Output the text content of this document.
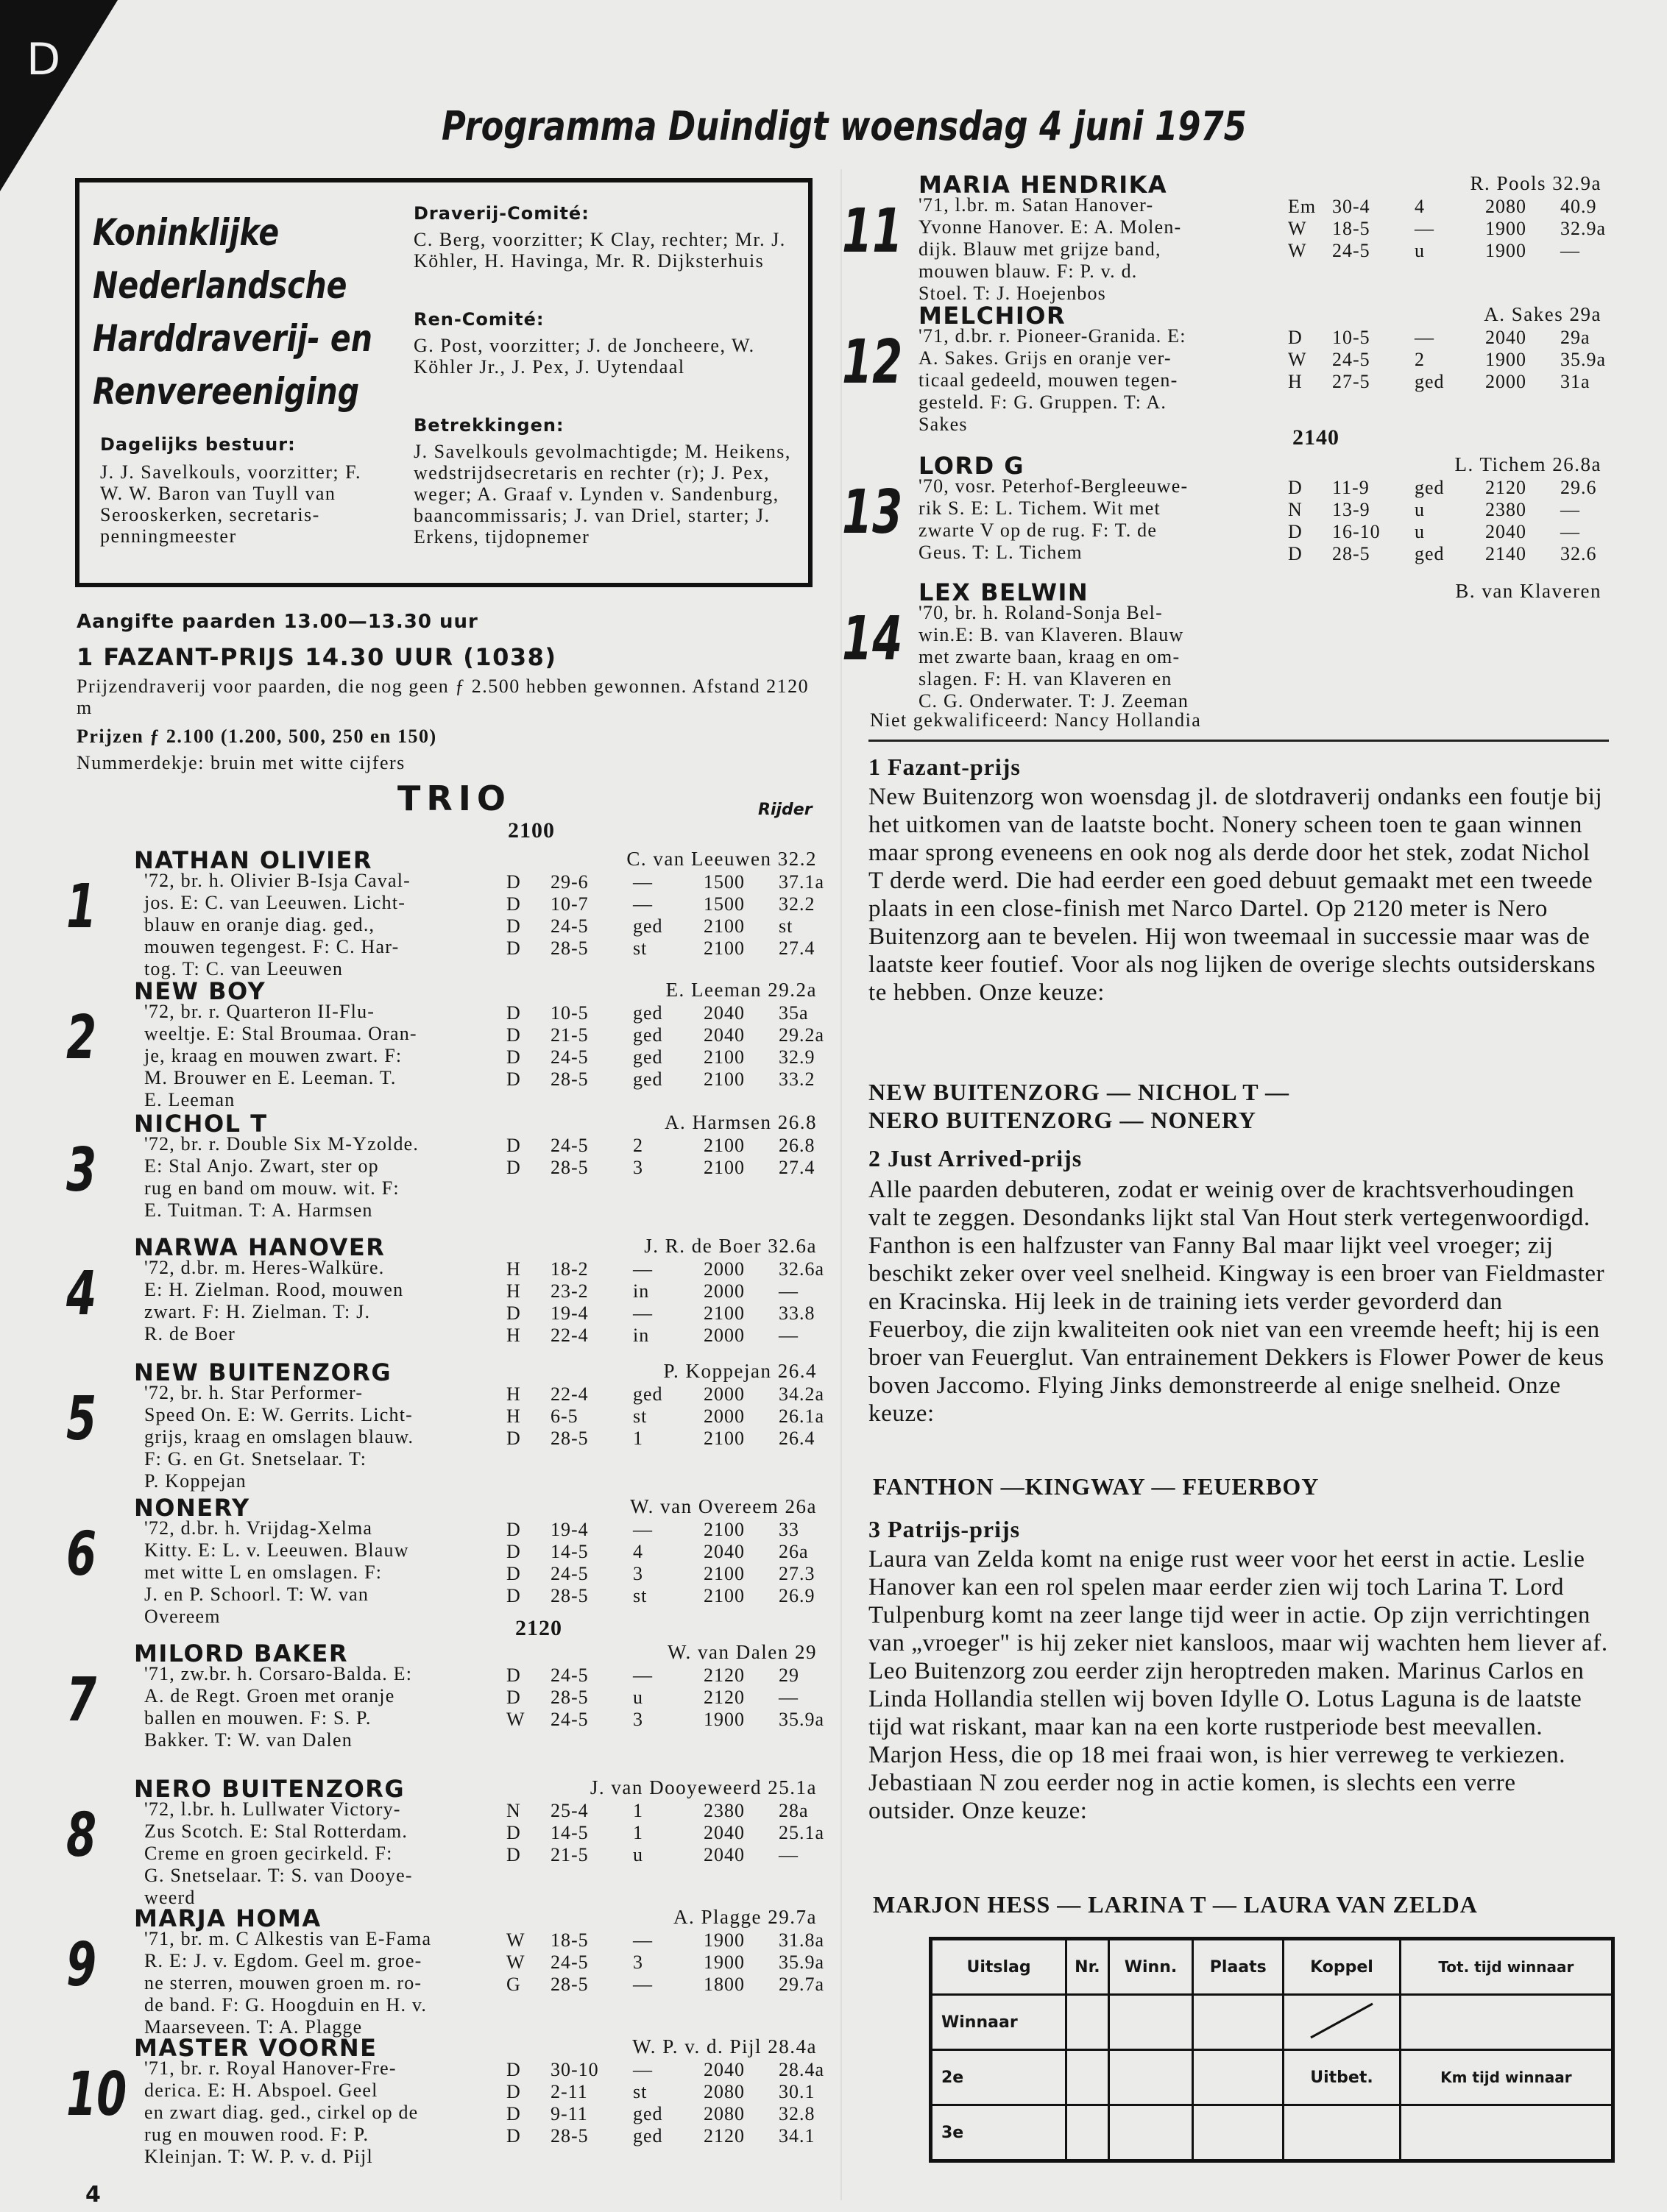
D
Programma Duindigt woensdag 4 juni 1975
Koninklijke
Nederlandsche
Harddraverij- en
Renvereeniging
Dagelijks bestuur:
J. J. Savelkouls, voorzitter; F. W. W. Baron van Tuyll van Serooskerken, secretaris-penningmeester
Draverij-Comité:
C. Berg, voorzitter; K Clay, rechter; Mr. J. Köhler, H. Havinga, Mr. R. Dijksterhuis
Ren-Comité:
G. Post, voorzitter; J. de Joncheere, W. Köhler Jr., J. Pex, J. Uytendaal
Betrekkingen:
J. Savelkouls gevolmachtigde; M. Heikens, wedstrijdsecretaris en rechter (r); J. Pex, weger; A. Graaf v. Lynden v. Sandenburg, baancommissaris; J. van Driel, starter; J. Erkens, tijdopnemer
Aangifte paarden 13.00—13.30 uur
1 FAZANT-PRIJS 14.30 UUR (1038)
Prijzendraverij voor paarden, die nog geen ƒ 2.500 hebben gewonnen. Afstand 2120 m
Prijzen ƒ 2.100 (1.200, 500, 250 en 150)
Nummerdekje: bruin met witte cijfers
TRIO	Rijder
2100
2120
2140
1
NATHAN OLIVIER	C. van Leeuwen 32.2
'72, br. h. Olivier B-Isja Caval-
jos. E: C. van Leeuwen. Licht-
blauw en oranje diag. ged.,
mouwen tegengest. F: C. Har-
tog. T: C. van Leeuwen
D 29-6 —	1500 37.1a
D 10-7 —	1500 32.2
D 24-5 ged 2100 st
D 28-5 st	2100 27.4
2
NEW BOY	E. Leeman 29.2a
'72, br. r. Quarteron II-Flu-
weeltje. E: Stal Broumaa. Oran-
je, kraag en mouwen zwart. F:
M. Brouwer en E. Leeman. T.
E. Leeman
D 10-5 ged 2040 35a
D 21-5 ged 2040 29.2a
D 24-5 ged 2100 32.9
D 28-5 ged 2100 33.2
3
NICHOL T	A. Harmsen 26.8
'72, br. r. Double Six M-Yzolde.
E: Stal Anjo. Zwart, ster op
rug en band om mouw. wit. F:
E. Tuitman. T: A. Harmsen
D 24-5 2	2100 26.8
D 28-5 3	2100 27.4
4
NARWA HANOVER	J. R. de Boer 32.6a
'72, d.br. m. Heres-Walküre.
E: H. Zielman. Rood, mouwen
zwart. F: H. Zielman. T: J.
R. de Boer
H 18-2 —	2000 32.6a
H 23-2 in	2000 —
D 19-4 —	2100 33.8
H 22-4 in	2000 —
5
NEW BUITENZORG	P. Koppejan 26.4
'72, br. h. Star Performer-
Speed On. E: W. Gerrits. Licht-
grijs, kraag en omslagen blauw.
F: G. en Gt. Snetselaar. T:
P. Koppejan
H 22-4 ged 2000 34.2a
H 6-5	st	2000 26.1a
D 28-5 1	2100 26.4
6
NONERY	W. van Overeem 26a
'72, d.br. h. Vrijdag-Xelma
Kitty. E: L. v. Leeuwen. Blauw
met witte L en omslagen. F:
J. en P. Schoorl. T: W. van
Overeem
D 19-4 —	2100 33
D 14-5 4	2040 26a
D 24-5 3	2100 27.3
D 28-5 st	2100 26.9
7
MILORD BAKER	W. van Dalen 29
'71, zw.br. h. Corsaro-Balda. E:
A. de Regt. Groen met oranje
ballen en mouwen. F: S. P.
Bakker. T: W. van Dalen
D 24-5 —	2120 29
D 28-5 u	2120 —
W 24-5 3	1900 35.9a
8
NERO BUITENZORG	J. van Dooyeweerd 25.1a
'72, l.br. h. Lullwater Victory-
Zus Scotch. E: Stal Rotterdam.
Creme en groen gecirkeld. F:
G. Snetselaar. T: S. van Dooye-
weerd
N 25-4 1	2380 28a
D 14-5 1	2040 25.1a
D 21-5 u	2040 —
9
MARJA HOMA	A. Plagge 29.7a
'71, br. m. C Alkestis van E-Fama
R. E: J. v. Egdom. Geel m. groe-
ne sterren, mouwen groen m. ro-
de band. F: G. Hoogduin en H. v.
Maarseveen. T: A. Plagge
W 18-5 —	1900 31.8a
W 24-5 3	1900 35.9a
G 28-5 —	1800 29.7a
10
MASTER VOORNE	W. P. v. d. Pijl 28.4a
'71, br. r. Royal Hanover-Fre-
derica. E: H. Abspoel. Geel
en zwart diag. ged., cirkel op de
rug en mouwen rood. F: P.
Kleinjan. T: W. P. v. d. Pijl
D 30-10 —	2040 28.4a
D 2-11 st	2080 30.1
D 9-11 ged 2080 32.8
D 28-5 ged 2120 34.1
11
MARIA HENDRIKA	R. Pools 32.9a
'71, l.br. m. Satan Hanover-
Yvonne Hanover. E: A. Molen-
dijk. Blauw met grijze band,
mouwen blauw. F: P. v. d.
Stoel. T: J. Hoejenbos
Em 30-4 4	2080 40.9
W 18-5 —	1900 32.9a
W 24-5 u	1900 —
12
MELCHIOR	A. Sakes 29a
'71, d.br. r. Pioneer-Granida. E:
A. Sakes. Grijs en oranje ver-
ticaal gedeeld, mouwen tegen-
gesteld. F: G. Gruppen. T: A.
Sakes
D 10-5 —	2040 29a
W 24-5 2	1900 35.9a
H 27-5 ged 2000 31a
13
LORD G	L. Tichem 26.8a
'70, vosr. Peterhof-Bergleeuwe-
rik S. E: L. Tichem. Wit met
zwarte V op de rug. F: T. de
Geus. T: L. Tichem
D 11-9 ged 2120 29.6
N 13-9 u	2380 —
D 16-10 u	2040 —
D 28-5 ged 2140 32.6
14
LEX BELWIN	B. van Klaveren
'70, br. h. Roland-Sonja Bel-
win.E: B. van Klaveren. Blauw
met zwarte baan, kraag en om-
slagen. F: H. van Klaveren en
C. G. Onderwater. T: J. Zeeman
Niet gekwalificeerd: Nancy Hollandia
1 Fazant-prijs
New Buitenzorg won woensdag jl. de slotdraverij ondanks een foutje bij het uitkomen van de laatste bocht. Nonery scheen toen te gaan winnen maar sprong eveneens en ook nog als derde door het stek, zodat Nichol T derde werd. Die had eerder een goed debuut gemaakt met een tweede plaats in een close-finish met Narco Dartel. Op 2120 meter is Nero Buitenzorg aan te bevelen. Hij won tweemaal in successie maar was de laatste keer foutief. Voor als nog lijken de overige slechts outsiderskans te hebben. Onze keuze:
NEW BUITENZORG — NICHOL T —
NERO BUITENZORG — NONERY
2 Just Arrived-prijs
Alle paarden debuteren, zodat er weinig over de krachtsverhoudingen valt te zeggen. Desondanks lijkt stal Van Hout sterk vertegenwoordigd. Fanthon is een halfzuster van Fanny Bal maar lijkt veel vroeger; zij beschikt zeker over veel snelheid. Kingway is een broer van Fieldmaster en Kracinska. Hij leek in de training iets verder gevorderd dan Feuerboy, die zijn kwaliteiten ook niet van een vreemde heeft; hij is een broer van Feuerglut. Van entrainement Dekkers is Flower Power de keus boven Jaccomo. Flying Jinks demonstreerde al enige snelheid. Onze keuze:
FANTHON —KINGWAY — FEUERBOY
3 Patrijs-prijs
Laura van Zelda komt na enige rust weer voor het eerst in actie. Leslie Hanover kan een rol spelen maar eerder zien wij toch Larina T. Lord Tulpenburg komt na zeer lange tijd weer in actie. Op zijn verrichtingen van „vroeger" is hij zeker niet kansloos, maar wij wachten hem liever af. Leo Buitenzorg zou eerder zijn heroptreden maken. Marinus Carlos en Linda Hollandia stellen wij boven Idylle O. Lotus Laguna is de laatste tijd wat riskant, maar kan na een korte rustperiode best meevallen. Marjon Hess, die op 18 mei fraai won, is hier verreweg te verkiezen. Jebastiaan N zou eerder nog in actie komen, is slechts een verre outsider. Onze keuze:
MARJON HESS — LARINA T — LAURA VAN ZELDA
Uitslag	Nr.	Winn.	Plaats	Koppel	Tot. tijd winnaar
Winnaar					
2e				Uitbet.	Km tijd winnaar
3e					
4
